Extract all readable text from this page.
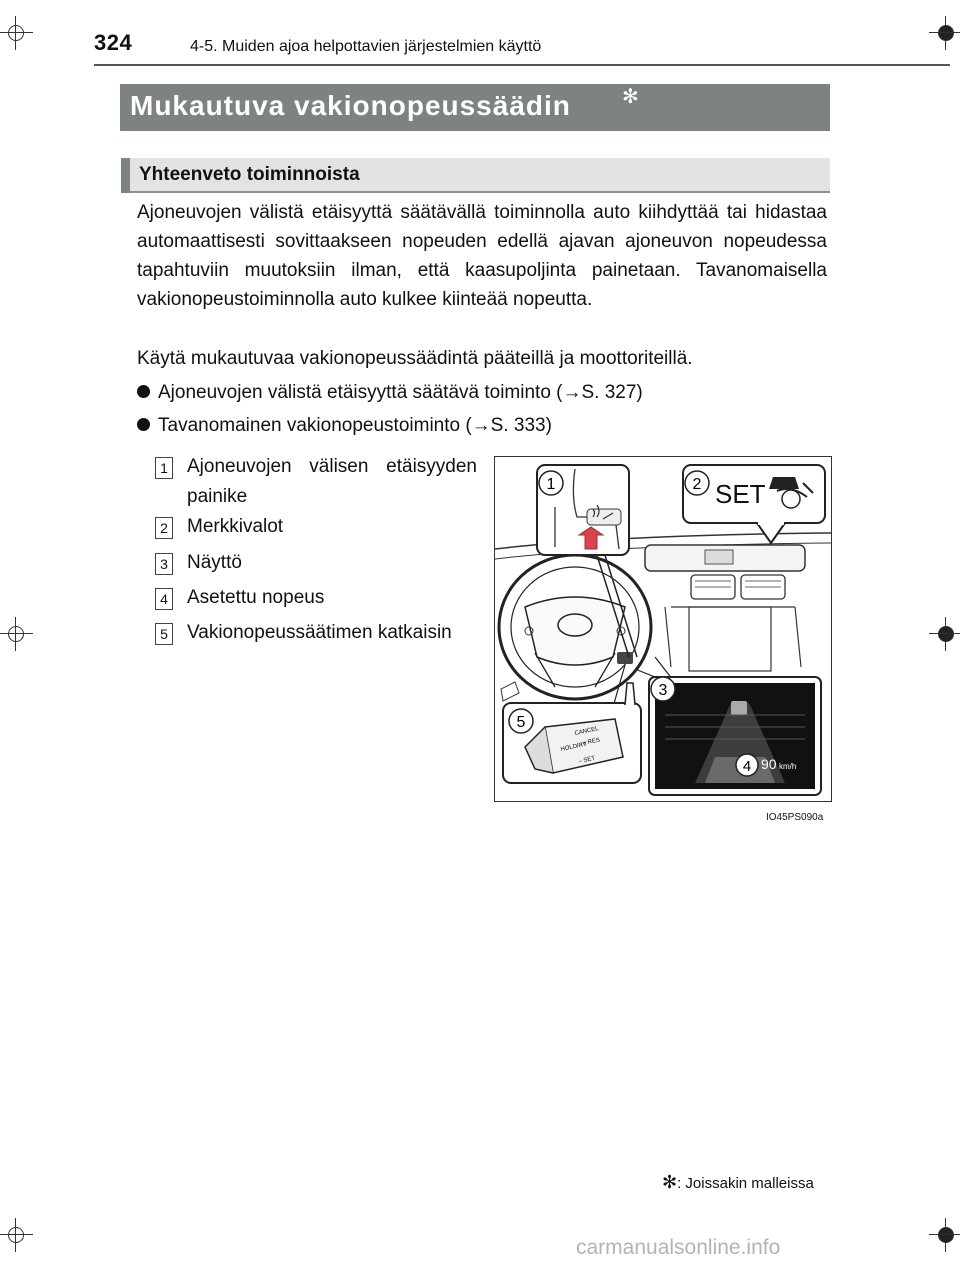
324	4-5. Muiden ajoa helpottavien järjestelmien käyttö
Mukautuva vakionopeussäädin	✻
Yhteenveto toiminnoista
Ajoneuvojen välistä etäisyyttä säätävällä toiminnolla auto kiihdyttää tai hidastaa automaattisesti sovittaakseen nopeuden edellä ajavan ajoneuvon nopeudessa tapahtuviin muutoksiin ilman, että kaasupoljinta painetaan. Tavanomaisella vakionopeustoiminnolla auto kulkee kiinteää nopeutta.
Käytä mukautuvaa vakionopeussäädintä pääteillä ja moottoriteillä.
Ajoneuvojen välistä etäisyyttä säätävä toiminto (→S. 327)
Tavanomainen vakionopeustoiminto (→S. 333)
1 Ajoneuvojen välisen etäisyyden painike
2 Merkkivalot
3 Näyttö
4 Asetettu nopeus
5 Vakionopeussäätimen katkaisin
1	2 SET
3
4 90 km/h
CANCEL
+ RES
HOLD/RV
– SET
5
IO45PS090a
✻: Joissakin malleissa
carmanualsonline.info
